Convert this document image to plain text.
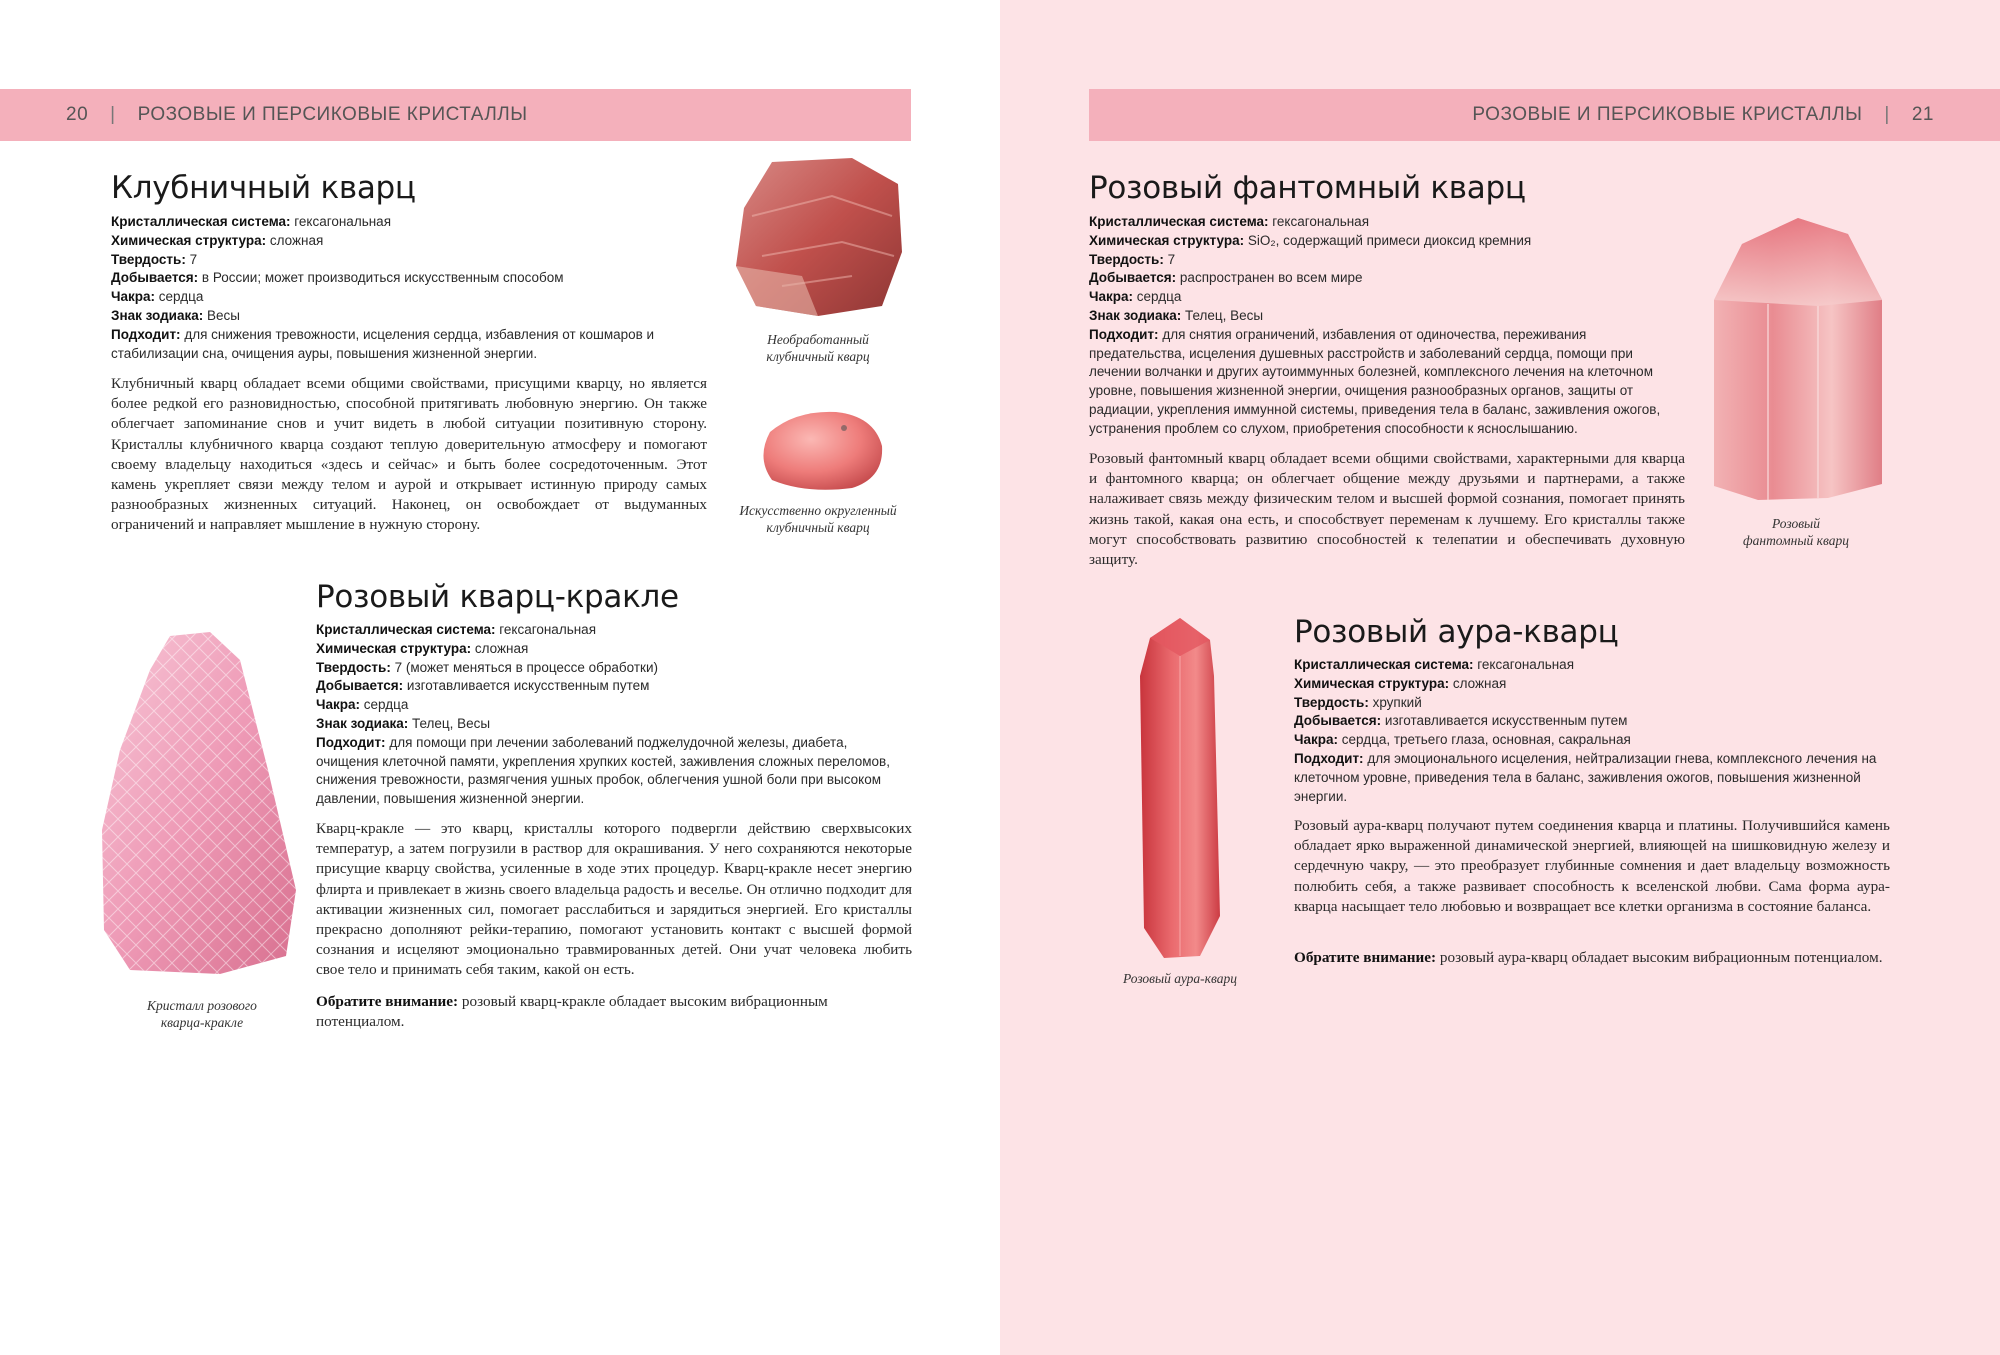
20 | РОЗОВЫЕ И ПЕРСИКОВЫЕ КРИСТАЛЛЫ
Клубничный кварц
Кристаллическая система: гексагональная
Химическая структура: сложная
Твердость: 7
Добывается: в России; может производиться искусственным способом
Чакра: сердца
Знак зодиака: Весы
Подходит: для снижения тревожности, исцеления сердца, избавления от кошмаров и стабилизации сна, очищения ауры, повышения жизненной энергии.
Клубничный кварц обладает всеми общими свойствами, присущими кварцу, но является более редкой его разновидностью, способной притягивать любовную энергию. Он также облегчает запоминание снов и учит видеть в любой ситуации позитивную сторону. Кристаллы клубничного кварца создают теплую доверительную атмосферу и помогают своему владельцу находиться «здесь и сейчас» и быть более сосредоточенным. Этот камень укрепляет связи между телом и аурой и открывает истинную природу самых разнообразных жизненных ситуаций. Наконец, он освобождает от выдуманных ограничений и направляет мышление в нужную сторону.
Необработанный
клубничный кварц
Искусственно округленный
клубничный кварц
Розовый кварц-кракле
Кристаллическая система: гексагональная
Химическая структура: сложная
Твердость: 7 (может меняться в процессе обработки)
Добывается: изготавливается искусственным путем
Чакра: сердца
Знак зодиака: Телец, Весы
Подходит: для помощи при лечении заболеваний поджелудочной железы, диабета, очищения клеточной памяти, укрепления хрупких костей, заживления сложных переломов, снижения тревожности, размягчения ушных пробок, облегчения ушной боли при высоком давлении, повышения жизненной энергии.
Кварц-кракле — это кварц, кристаллы которого подвергли действию сверхвысоких температур, а затем погрузили в раствор для окрашивания. У него сохраняются некоторые присущие кварцу свойства, усиленные в ходе этих процедур. Кварц-кракле несет энергию флирта и привлекает в жизнь своего владельца радость и веселье. Он отлично подходит для активации жизненных сил, помогает расслабиться и зарядиться энергией. Его кристаллы прекрасно дополняют рейки-терапию, помогают установить контакт с высшей формой сознания и исцеляют эмоционально травмированных детей. Они учат человека любить свое тело и принимать себя таким, какой он есть.
Обратите внимание: розовый кварц-кракле обладает высоким вибрационным потенциалом.
Кристалл розового
кварца-кракле
РОЗОВЫЕ И ПЕРСИКОВЫЕ КРИСТАЛЛЫ | 21
Розовый фантомный кварц
Кристаллическая система: гексагональная
Химическая структура: SiO₂, содержащий примеси диоксид кремния
Твердость: 7
Добывается: распространен во всем мире
Чакра: сердца
Знак зодиака: Телец, Весы
Подходит: для снятия ограничений, избавления от одиночества, переживания предательства, исцеления душевных расстройств и заболеваний сердца, помощи при лечении волчанки и других аутоиммунных болезней, комплексного лечения на клеточном уровне, повышения жизненной энергии, очищения разнообразных органов, защиты от радиации, укрепления иммунной системы, приведения тела в баланс, заживления ожогов, устранения проблем со слухом, приобретения способности к яснослышанию.
Розовый фантомный кварц обладает всеми общими свойствами, характерными для кварца и фантомного кварца; он облегчает общение между друзьями и партнерами, а также налаживает связь между физическим телом и высшей формой сознания, помогает принять жизнь такой, какая она есть, и способствует переменам к лучшему. Его кристаллы также могут способствовать развитию способностей к телепатии и обеспечивать духовную защиту.
Розовый
фантомный кварц
Розовый аура-кварц
Кристаллическая система: гексагональная
Химическая структура: сложная
Твердость: хрупкий
Добывается: изготавливается искусственным путем
Чакра: сердца, третьего глаза, основная, сакральная
Подходит: для эмоционального исцеления, нейтрализации гнева, комплексного лечения на клеточном уровне, приведения тела в баланс, заживления ожогов, повышения жизненной энергии.
Розовый аура-кварц получают путем соединения кварца и платины. Получившийся камень обладает ярко выраженной динамической энергией, влияющей на шишковидную железу и сердечную чакру, — это преобразует глубинные сомнения и дает владельцу возможность полюбить себя, а также развивает способность к вселенской любви. Сама форма аура-кварца насыщает тело любовью и возвращает все клетки организма в состояние баланса.
Обратите внимание: розовый аура-кварц обладает высоким вибрационным потенциалом.
Розовый аура-кварц
